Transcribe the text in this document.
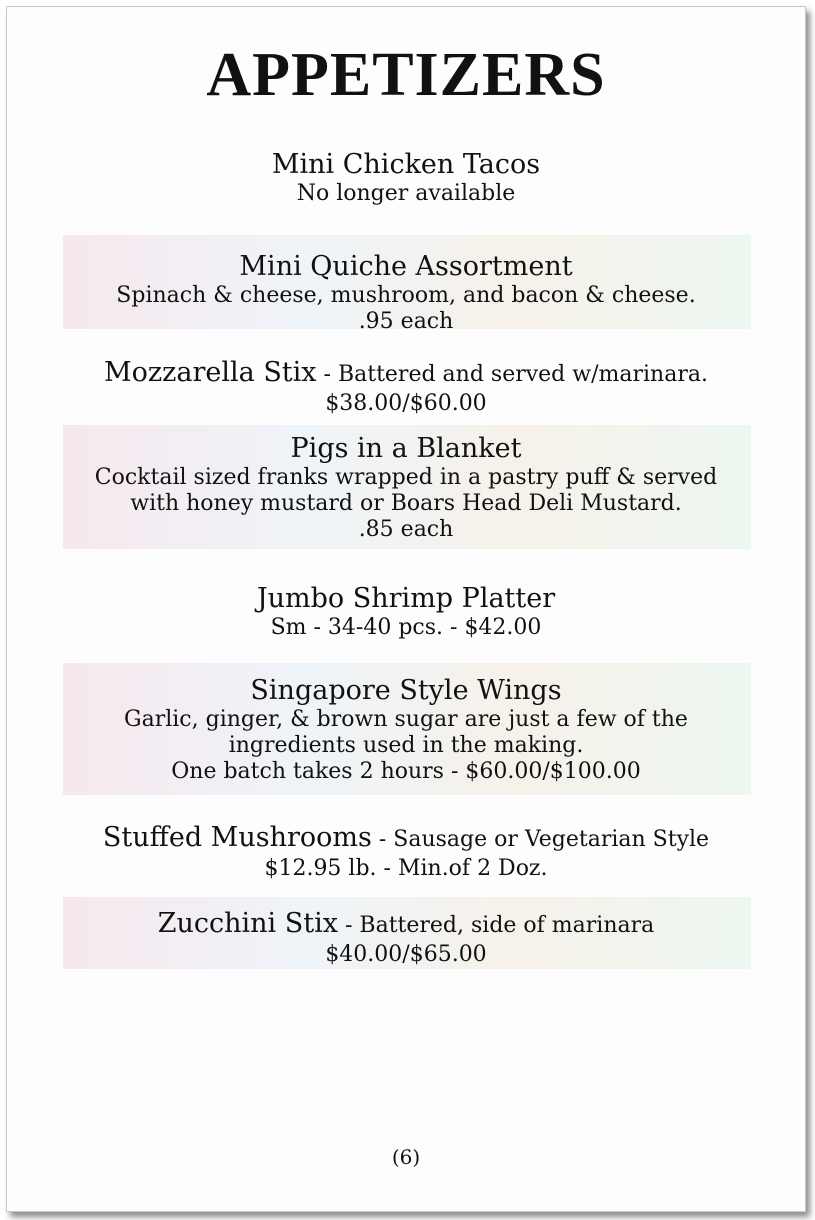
APPETIZERS
Mini Chicken Tacos
No longer available
Mini Quiche Assortment
Spinach & cheese, mushroom, and bacon & cheese.
.95 each
Mozzarella Stix - Battered and served w/marinara.
$38.00/$60.00
Pigs in a Blanket
Cocktail sized franks wrapped in a pastry puff & served
with honey mustard or Boars Head Deli Mustard.
.85 each
Jumbo Shrimp Platter
Sm - 34-40 pcs. - $42.00
Singapore Style Wings
Garlic, ginger, & brown sugar are just a few of the
ingredients used in the making.
One batch takes 2 hours - $60.00/$100.00
Stuffed Mushrooms - Sausage or Vegetarian Style
$12.95 lb. - Min.of 2 Doz.
Zucchini Stix - Battered, side of marinara
$40.00/$65.00
(6)
